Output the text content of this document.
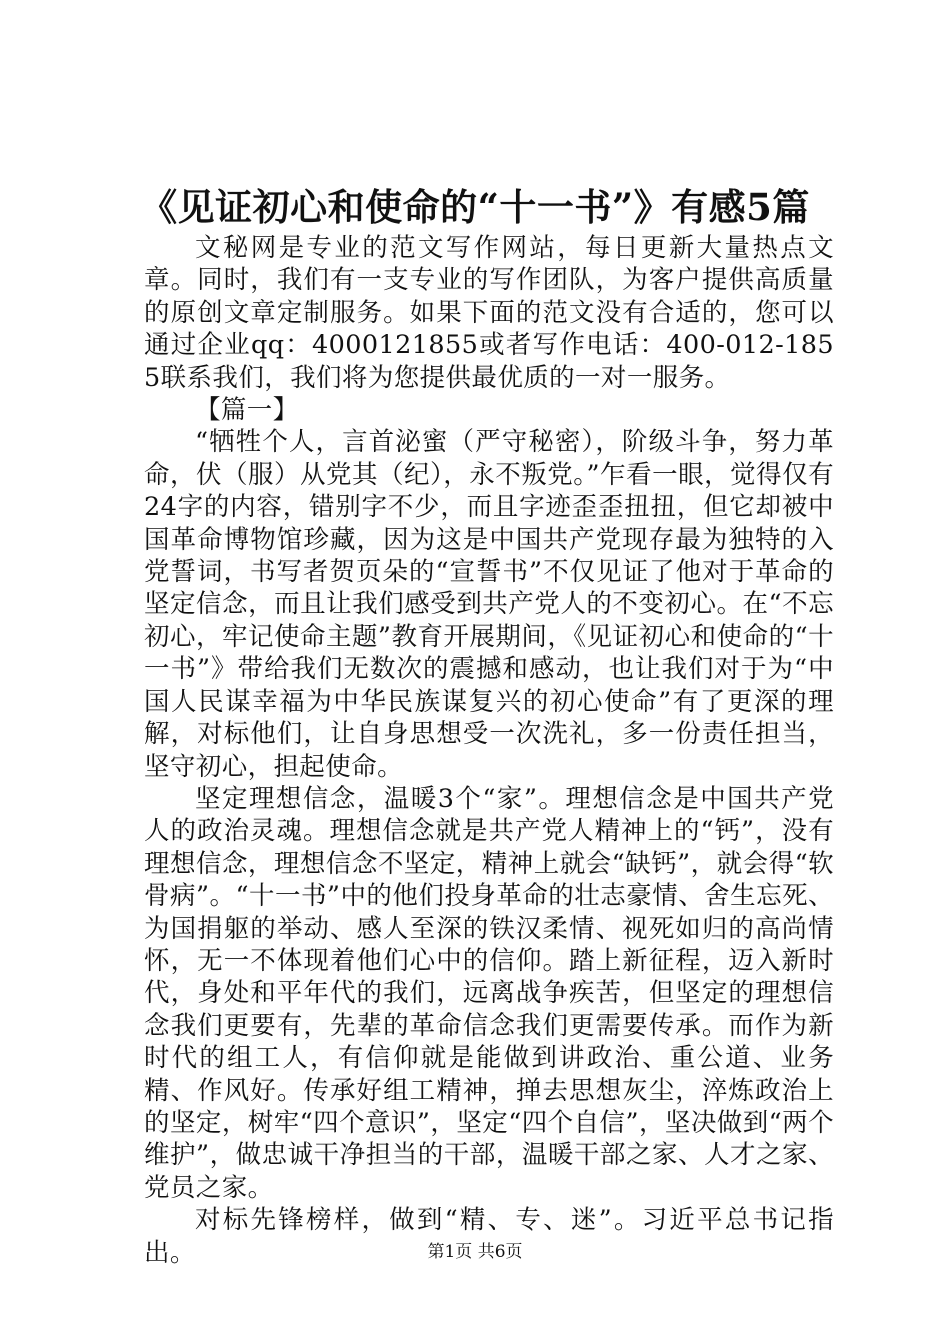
《见证初心和使命的“十一书”》有感5篇

文秘网是专业的范文写作网站，每日更新大量热点文章。同时，我们有一支专业的写作团队，为客户提供高质量的原创文章定制服务。如果下面的范文没有合适的，您可以通过企业qq：4000121855或者写作电话：400-012-1855联系我们，我们将为您提供最优质的一对一服务。

【篇一】

“牺牲个人，言首泌蜜（严守秘密），阶级斗争，努力革命，伏（服）从党其（纪），永不叛党。”乍看一眼，觉得仅有24字的内容，错别字不少，而且字迹歪歪扭扭，但它却被中国革命博物馆珍藏，因为这是中国共产党现存最为独特的入党誓词，书写者贺页朵的“宣誓书”不仅见证了他对于革命的坚定信念，而且让我们感受到共产党人的不变初心。在“不忘初心，牢记使命主题”教育开展期间，《见证初心和使命的“十一书”》带给我们无数次的震撼和感动，也让我们对于为“中国人民谋幸福为中华民族谋复兴的初心使命”有了更深的理解，对标他们，让自身思想受一次洗礼，多一份责任担当，坚守初心，担起使命。

坚定理想信念，温暖3个“家”。理想信念是中国共产党人的政治灵魂。理想信念就是共产党人精神上的“钙”，没有理想信念，理想信念不坚定，精神上就会“缺钙”，就会得“软骨病”。“十一书”中的他们投身革命的壮志豪情、舍生忘死、为国捐躯的举动、感人至深的铁汉柔情、视死如归的高尚情怀，无一不体现着他们心中的信仰。踏上新征程，迈入新时代，身处和平年代的我们，远离战争疾苦，但坚定的理想信念我们更要有，先辈的革命信念我们更需要传承。而作为新时代的组工人，有信仰就是能做到讲政治、重公道、业务精、作风好。传承好组工精神，掸去思想灰尘，淬炼政治上的坚定，树牢“四个意识”，坚定“四个自信”，坚决做到“两个维护”，做忠诚干净担当的干部，温暖干部之家、人才之家、党员之家。

对标先锋榜样，做到“精、专、迷”。习近平总书记指出。	第1页 共6页
